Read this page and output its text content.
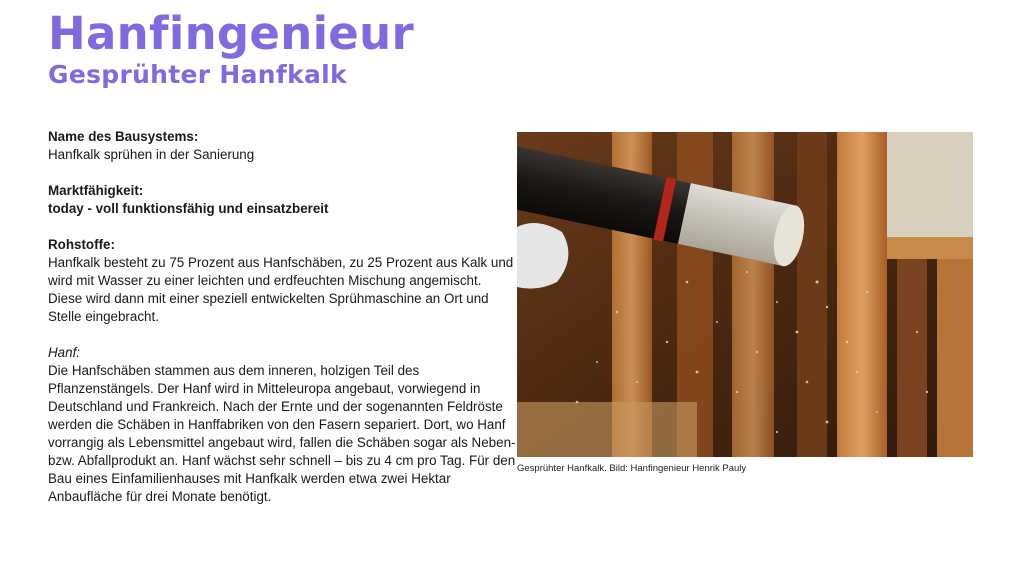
Hanfingenieur
Gesprühter Hanfkalk
Name des Bausystems:
Hanfkalk sprühen in der Sanierung
Marktfähigkeit:
today - voll funktionsfähig und einsatzbereit
Rohstoffe:
Hanfkalk besteht zu 75 Prozent aus Hanfschäben, zu 25 Prozent aus Kalk und wird mit Wasser zu einer leichten und erdfeuchten Mischung angemischt. Diese wird dann mit einer speziell entwickelten Sprühmaschine an Ort und Stelle eingebracht.
Hanf:
Die Hanfschäben stammen aus dem inneren, holzigen Teil des Pflanzenstängels. Der Hanf wird in Mitteleuropa angebaut, vorwiegend in Deutschland und Frankreich. Nach der Ernte und der sogenannten Feldröste werden die Schäben in Hanffabriken von den Fasern separiert. Dort, wo Hanf vorrangig als Lebensmittel angebaut wird, fallen die Schäben sogar als Neben- bzw. Abfallprodukt an. Hanf wächst sehr schnell – bis zu 4 cm pro Tag. Für den Bau eines Einfamilienhauses mit Hanfkalk werden etwa zwei Hektar Anbaufläche für drei Monate benötigt.
Gesprühter Hanfkalk. Bild: Hanfingenieur Henrik Pauly
